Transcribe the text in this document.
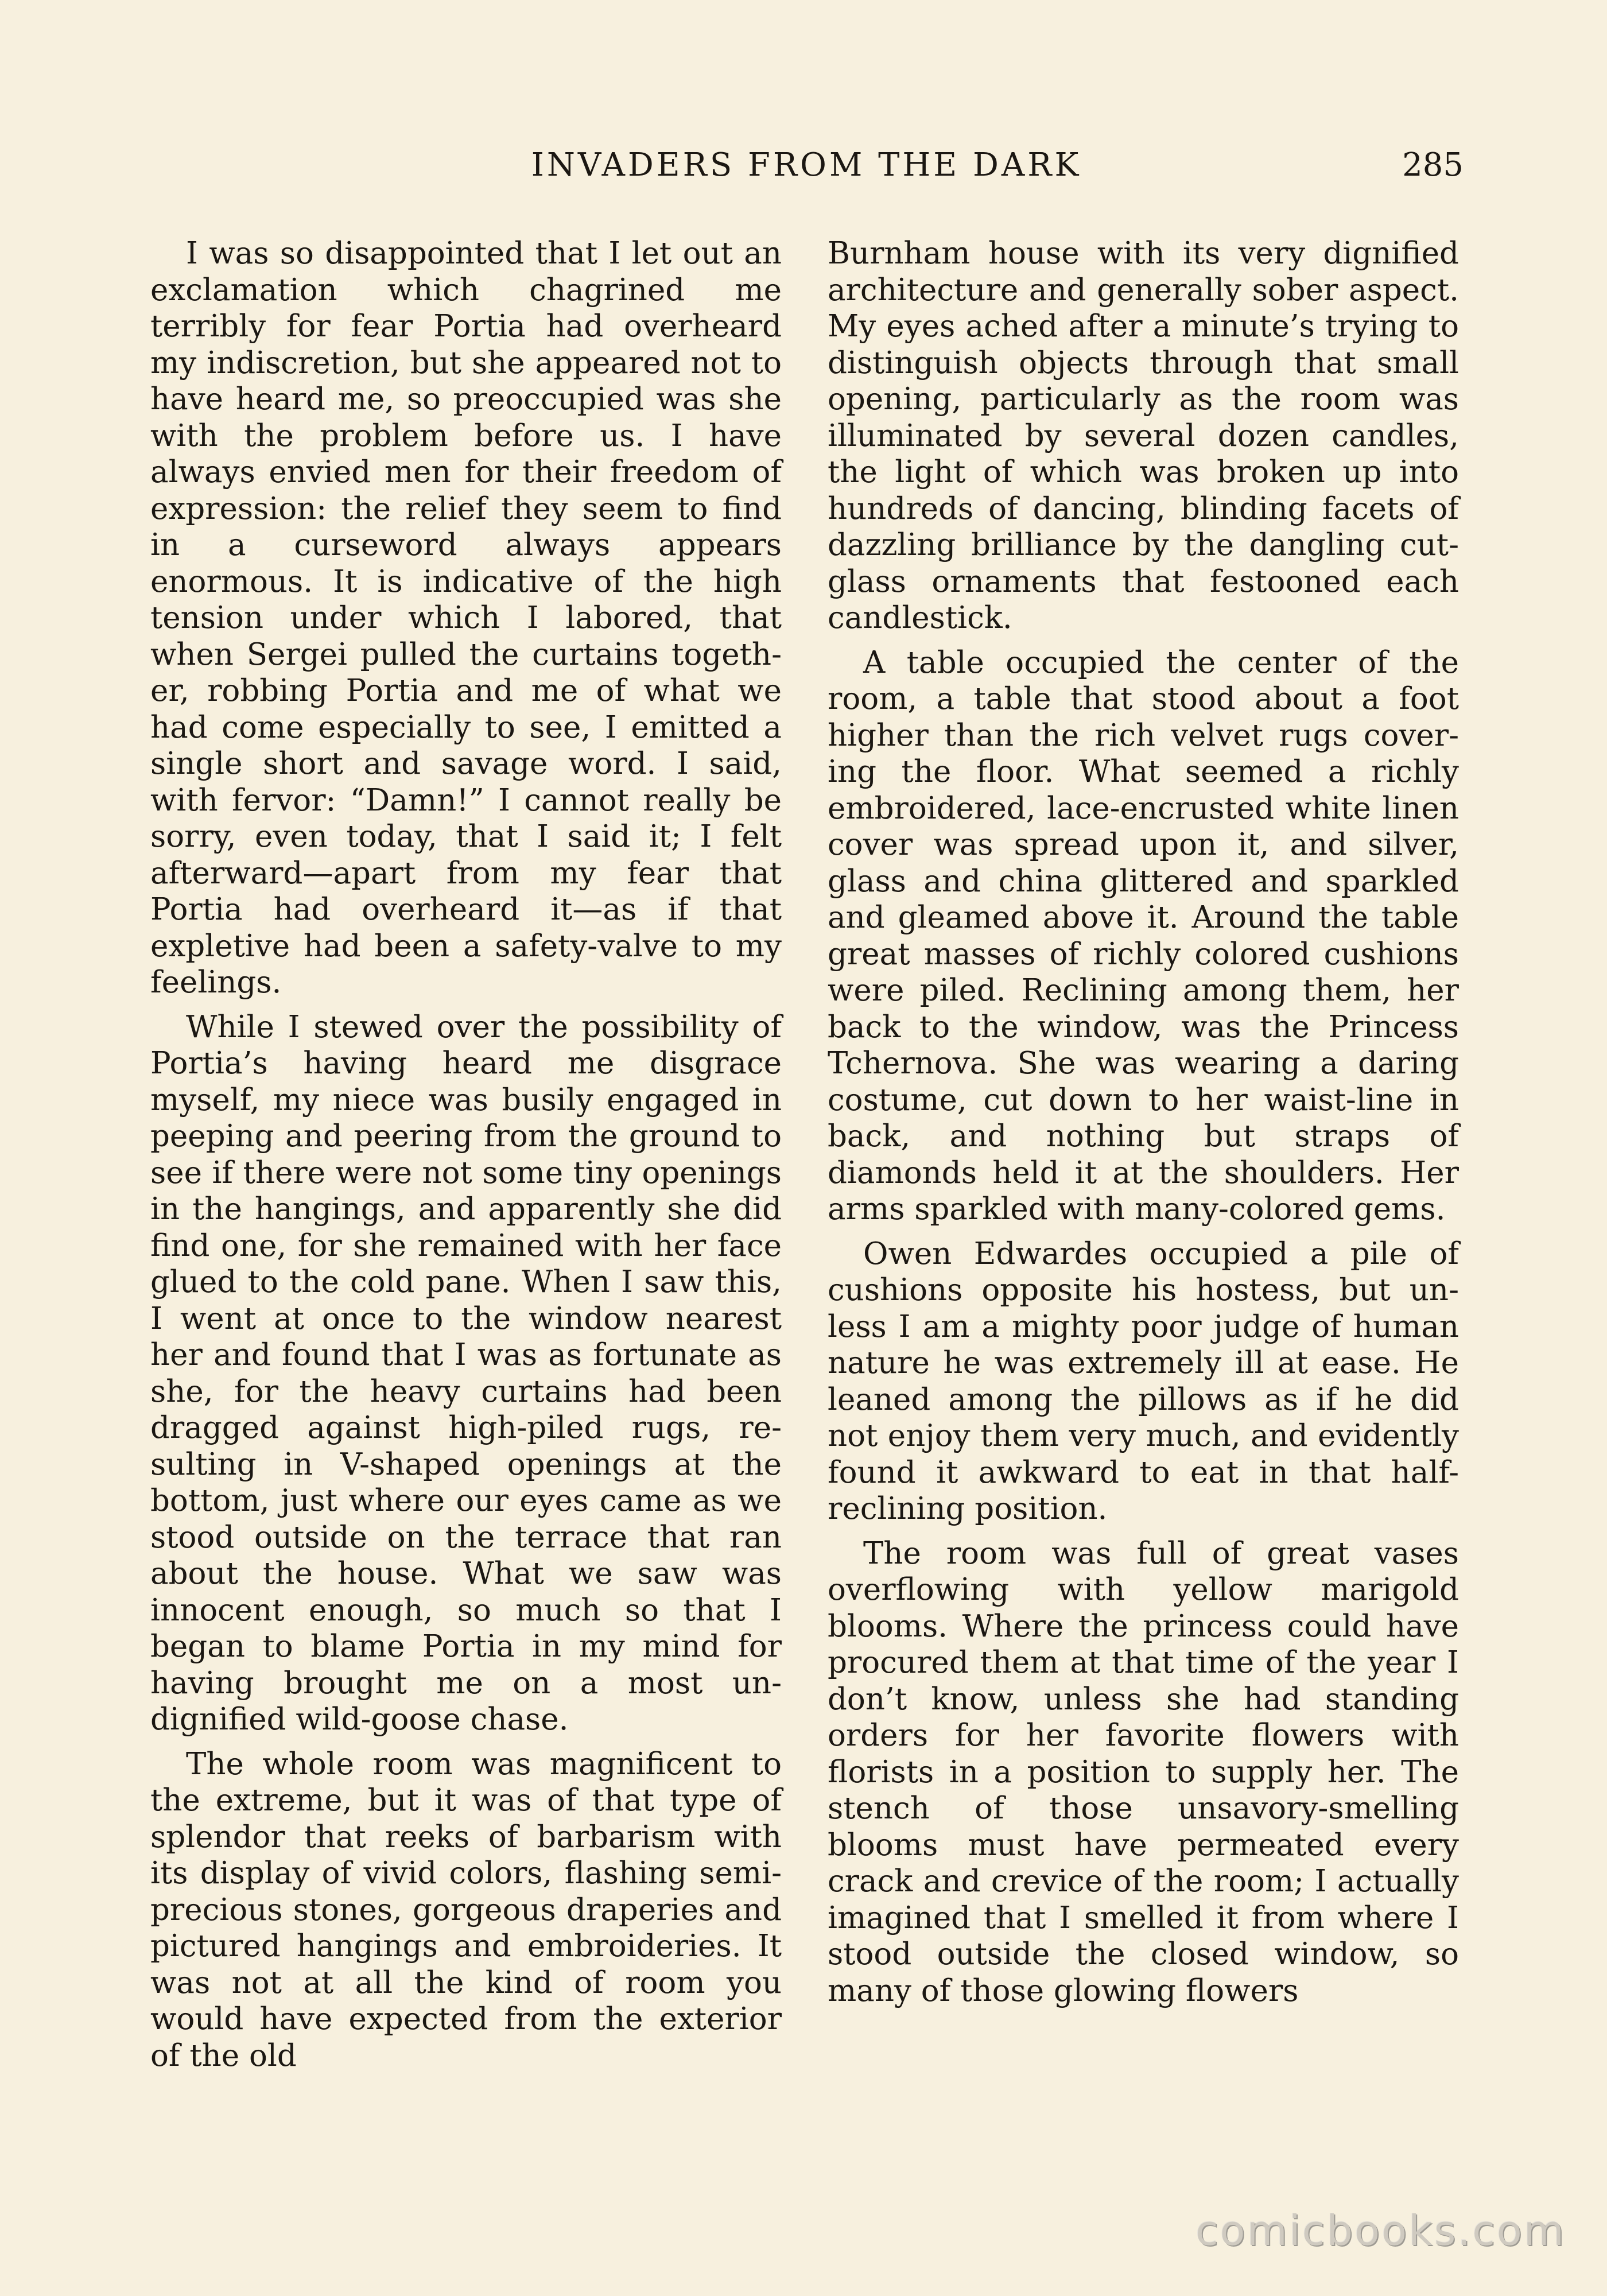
INVADERS FROM THE DARK	285

I was so disappointed that I let out an exclamation which chagrined me terribly for fear Portia had overheard my indiscretion, but she appeared not to have heard me, so preoccupied was she with the problem before us. I have always envied men for their freedom of expression: the relief they seem to find in a curseword always appears enormous. It is indicative of the high tension under which I labored, that when Sergei pulled the curtains together, robbing Portia and me of what we had come especially to see, I emitted a single short and savage word. I said, with fervor: “Damn!” I cannot really be sorry, even today, that I said it; I felt afterward—apart from my fear that Portia had overheard it—as if that expletive had been a safety-valve to my feelings.

While I stewed over the possibility of Portia’s having heard me disgrace myself, my niece was busily engaged in peeping and peering from the ground to see if there were not some tiny openings in the hangings, and apparently she did find one, for she remained with her face glued to the cold pane. When I saw this, I went at once to the window nearest her and found that I was as fortunate as she, for the heavy curtains had been dragged against high-piled rugs, resulting in V-shaped openings at the bottom, just where our eyes came as we stood outside on the terrace that ran about the house. What we saw was innocent enough, so much so that I began to blame Portia in my mind for having brought me on a most undignified wild-goose chase.

The whole room was magnificent to the extreme, but it was of that type of splendor that reeks of barbarism with its display of vivid colors, flashing semi-precious stones, gorgeous draperies and pictured hangings and embroideries. It was not at all the kind of room you would have expected from the exterior of the old

Burnham house with its very dignified architecture and generally sober aspect. My eyes ached after a minute’s trying to distinguish objects through that small opening, particularly as the room was illuminated by several dozen candles, the light of which was broken up into hundreds of dancing, blinding facets of dazzling brilliance by the dangling cut-glass ornaments that festooned each candlestick.

A table occupied the center of the room, a table that stood about a foot higher than the rich velvet rugs covering the floor. What seemed a richly embroidered, lace-encrusted white linen cover was spread upon it, and silver, glass and china glittered and sparkled and gleamed above it. Around the table great masses of richly colored cushions were piled. Reclining among them, her back to the window, was the Princess Tchernova. She was wearing a daring costume, cut down to her waist-line in back, and nothing but straps of diamonds held it at the shoulders. Her arms sparkled with many-colored gems.

Owen Edwardes occupied a pile of cushions opposite his hostess, but unless I am a mighty poor judge of human nature he was extremely ill at ease. He leaned among the pillows as if he did not enjoy them very much, and evidently found it awkward to eat in that half-reclining position.

The room was full of great vases overflowing with yellow marigold blooms. Where the princess could have procured them at that time of the year I don’t know, unless she had standing orders for her favorite flowers with florists in a position to supply her. The stench of those unsavory-smelling blooms must have permeated every crack and crevice of the room; I actually imagined that I smelled it from where I stood outside the closed window, so many of those glowing flowers

comicbooks.com
